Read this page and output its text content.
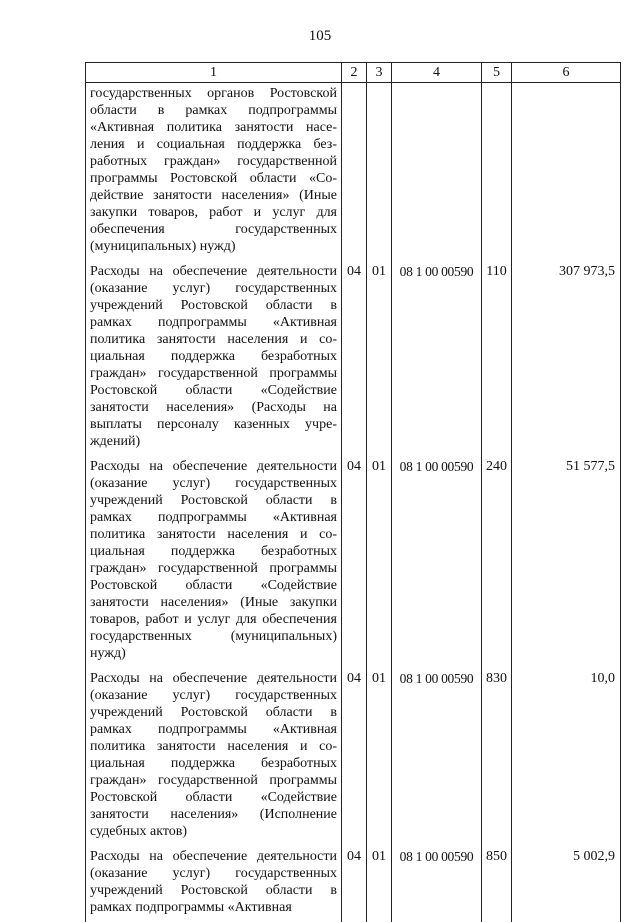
105
1	2	3	4	5	6
государственных органов Ростовской области в рамках подпрограммы «Активная политика занятости населения и социальная поддержка безработных граждан» государственной программы Ростовской области «Содействие занятости населения» (Иные закупки товаров, работ и услуг для обеспечения государственных (муниципальных) нужд)					
Расходы на обеспечение деятельности (оказание услуг) государственных учреждений Ростовской области в рамках подпрограммы «Активная политика занятости населения и социальная поддержка безработных граждан» государственной программы Ростовской области «Содействие занятости населения» (Расходы на выплаты персоналу казенных учреждений)	04	01	08 1 00 00590	110	307 973,5
Расходы на обеспечение деятельности (оказание услуг) государственных учреждений Ростовской области в рамках подпрограммы «Активная политика занятости населения и социальная поддержка безработных граждан» государственной программы Ростовской области «Содействие занятости населения» (Иные закупки товаров, работ и услуг для обеспечения государственных (муниципальных) нужд)	04	01	08 1 00 00590	240	51 577,5
Расходы на обеспечение деятельности (оказание услуг) государственных учреждений Ростовской области в рамках подпрограммы «Активная политика занятости населения и социальная поддержка безработных граждан» государственной программы Ростовской области «Содействие занятости населения» (Исполнение судебных актов)	04	01	08 1 00 00590	830	10,0
Расходы на обеспечение деятельности (оказание услуг) государственных учреждений Ростовской области в рамках подпрограммы «Активная	04	01	08 1 00 00590	850	5 002,9
